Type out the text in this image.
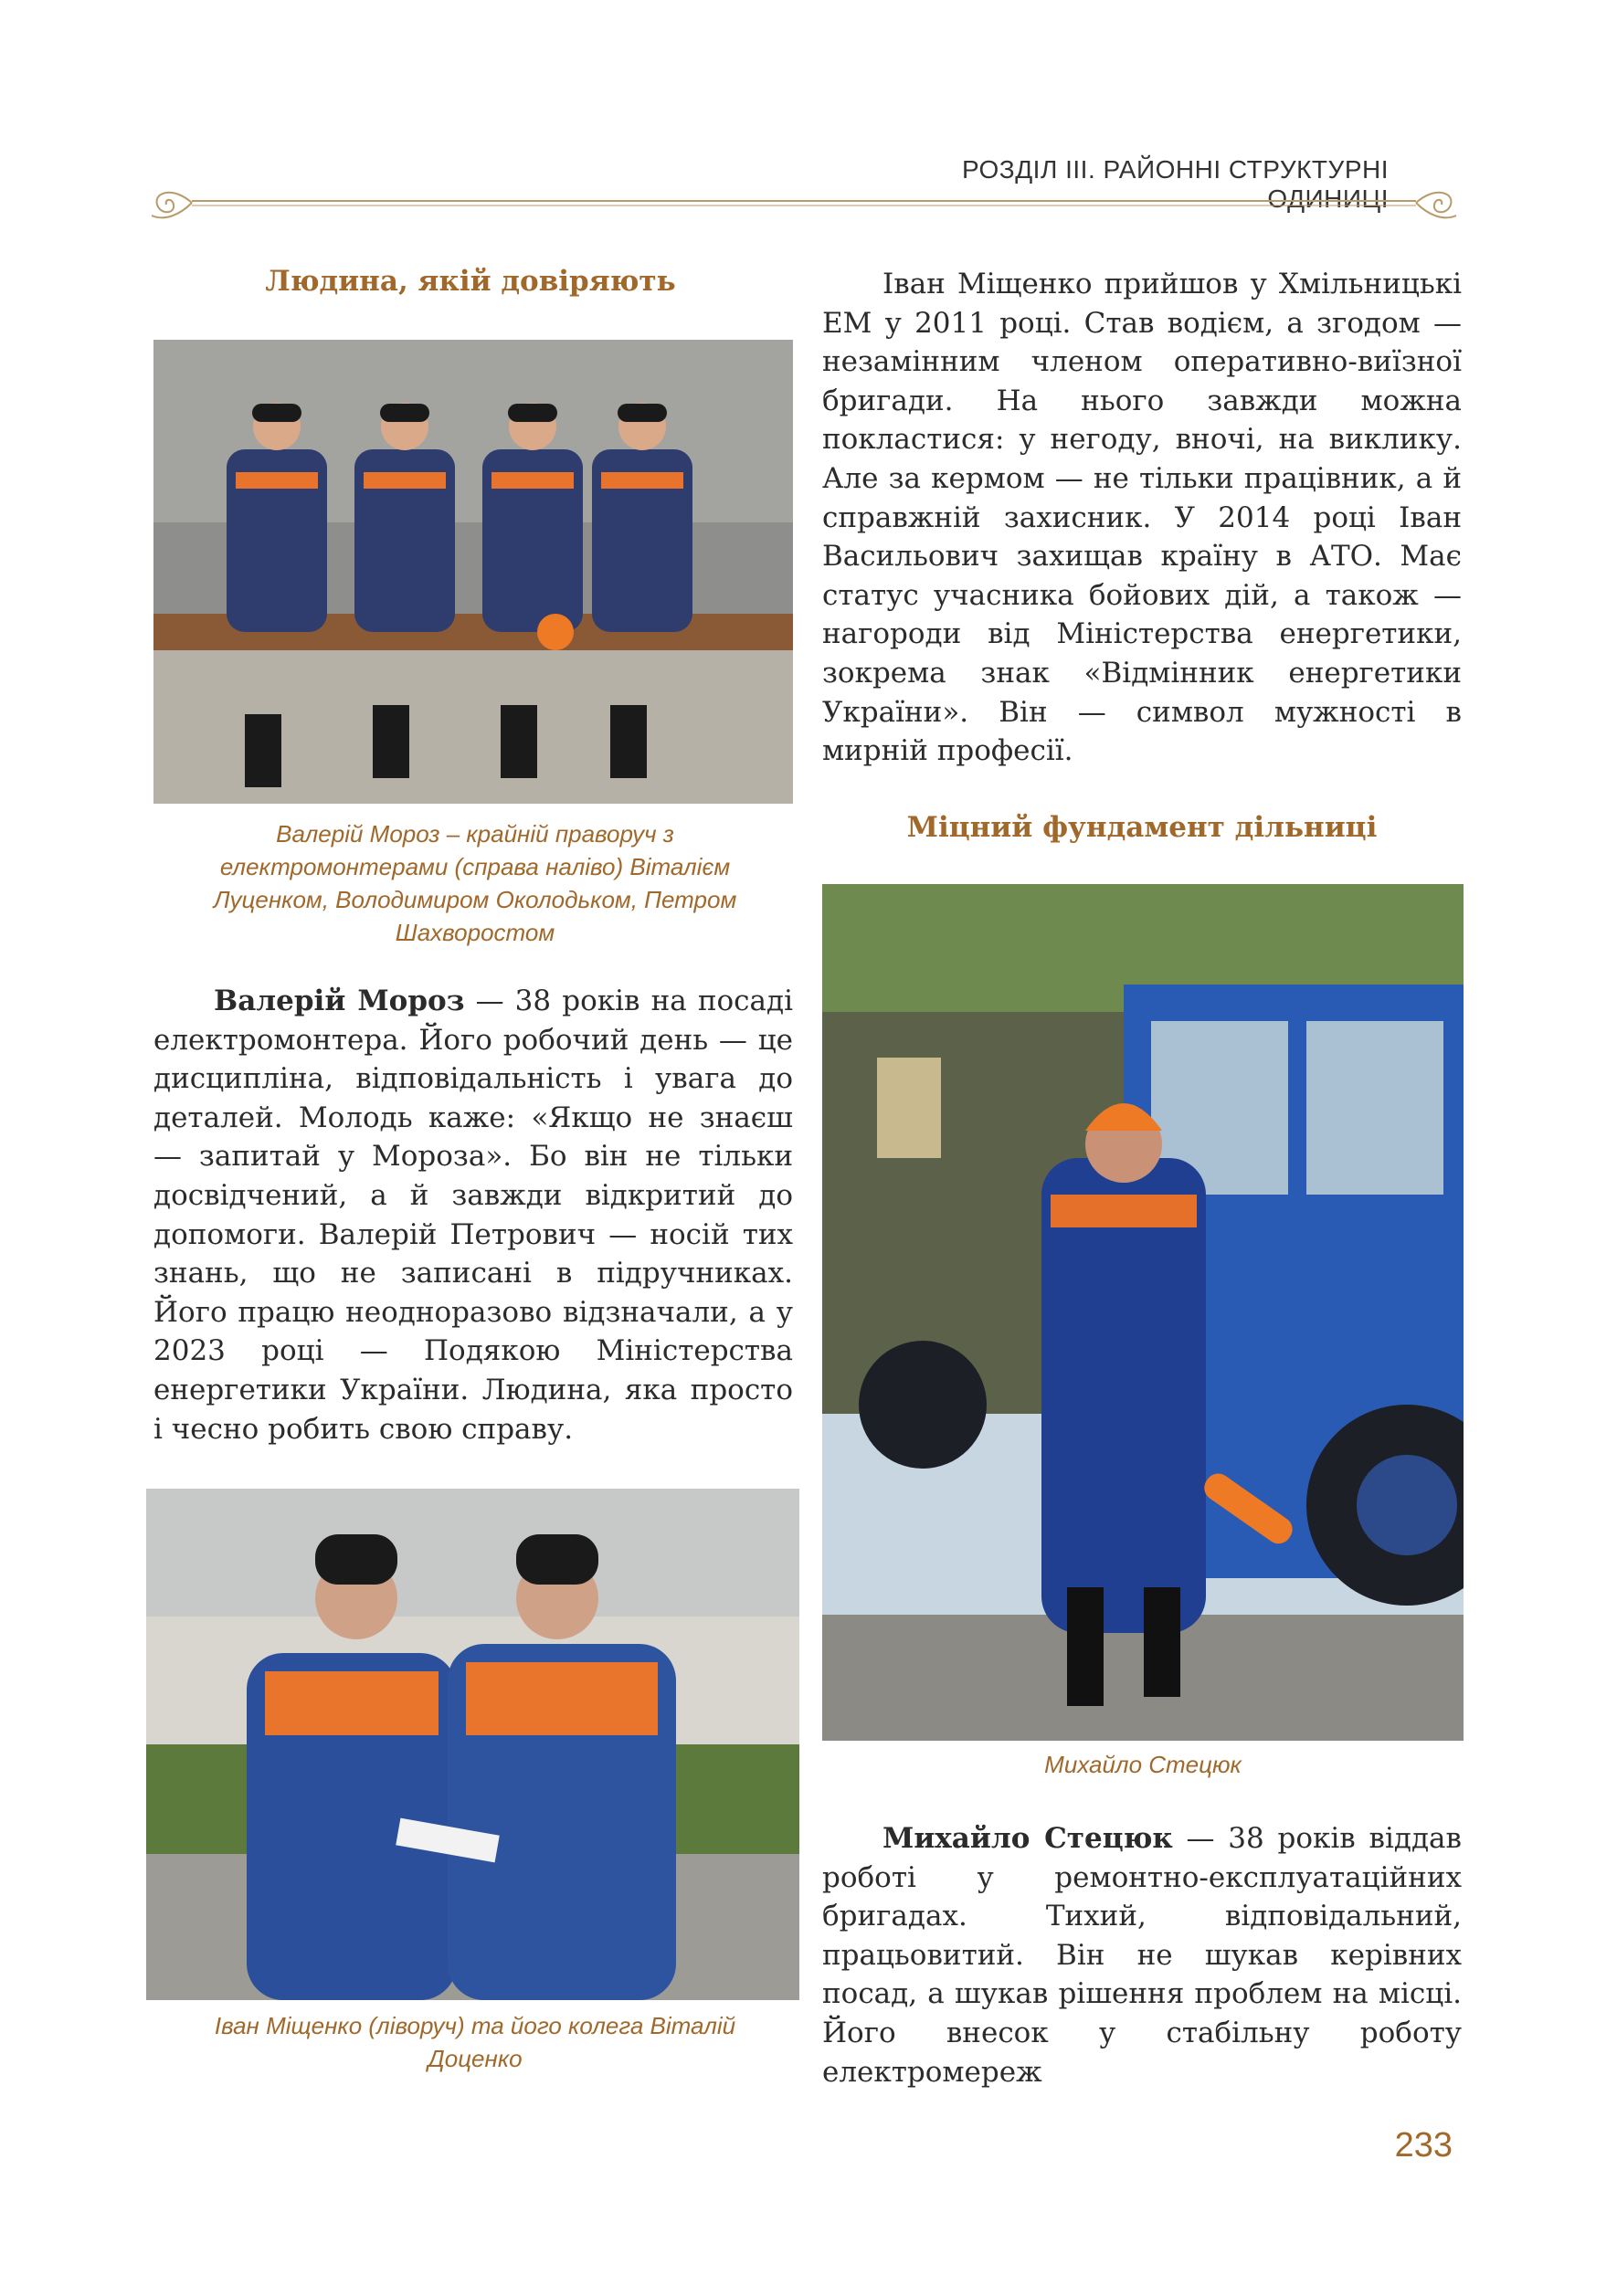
РОЗДІЛ ІІІ. РАЙОННІ СТРУКТУРНІ ОДИНИЦІ
Людина, якій довіряють
Валерій Мороз – крайній праворуч з електромонтерами (справа наліво) Віталієм Луценком, Володимиром Околодьком, Петром Шахворостом

Валерій Мороз — 38 років на посаді електромонтера. Його робочий день — це дисципліна, відповідальність і увага до деталей. Молодь каже: «Якщо не знаєш — запитай у Мороза». Бо він не тільки досвідчений, а й завжди відкритий до допомоги. Валерій Петрович — носій тих знань, що не записані в підручниках. Його працю неодноразово відзначали, а у 2023 році — Подякою Міністерства енергетики України. Людина, яка просто і чесно робить свою справу.

Іван Міщенко (ліворуч) та його колега Віталій Доценко

Іван Міщенко прийшов у Хмільницькі ЕМ у 2011 році. Став водієм, а згодом — незамінним членом оперативно-виїзної бригади. На нього завжди можна покластися: у негоду, вночі, на виклику. Але за кермом — не тільки працівник, а й справжній захисник. У 2014 році Іван Васильович захищав країну в АТО. Має статус учасника бойових дій, а також — нагороди від Міністерства енергетики, зокрема знак «Відмінник енергетики України». Він — символ мужності в мирній професії.

Міцний фундамент дільниці
Михайло Стецюк

Михайло Стецюк — 38 років віддав роботі у ремонтно-експлуатаційних бригадах. Тихий, відповідальний, працьовитий. Він не шукав керівних посад, а шукав рішення проблем на місці. Його внесок у стабільну роботу електромереж

233
